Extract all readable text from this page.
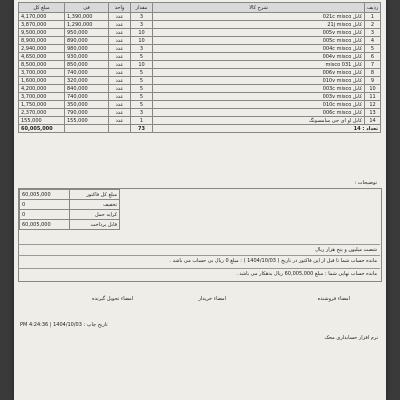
مبلغ کل	فی	واحد	مقدار	شرح کالا	ردیف
4,170,000	1,390,000	عدد	3	کابل 021c misco	1
3,870,000	1,290,000	عدد	3	کابل 21j misco	2
9,500,000	950,000	عدد	10	کابل 005v misco	3
8,900,000	890,000	عدد	10	کابل 005c misco	4
2,940,000	980,000	عدد	3	کابل 004c misco	5
4,650,000	930,000	عدد	5	کابل 004v misco	6
8,500,000	850,000	عدد	10	کابل 031 misco	7
3,700,000	740,000	عدد	5	کابل 006v misco	8
1,600,000	320,000	عدد	5	کابل 010v misco	9
4,200,000	840,000	عدد	5	کابل 003c misco	10
3,700,000	740,000	عدد	5	کابل 003v misco	11
1,750,000	350,000	عدد	5	کابل 010c misco	12
2,370,000	790,000	عدد	3	کابل 006c misco	13
155,000	155,000	عدد	1	کابل او ای جی سامسونگ	14
60,005,000			73	تعداد : 14	
توضیحات :
60,005,000	مبلغ کل فاکتور
0	تخفیف
0	کرایه حمل
60,005,000	قابل پرداخت
شصت میلیون و پنج هزار ریال
مانده حساب شما تا قبل از این فاکتور در تاریخ ( 1404/10/03 ) : مبلغ 0 ریال بی حساب می باشد .
مانده حساب نهایی شما : مبلغ 60,005,000 ریال بدهکار می باشد .
امضاء فروشنده
امضاء خریدار
امضاء تحویل گیرنده
تاریخ چاپ : 1404/10/03 | 4:24:36 PM
نرم افزار حسابداری محک
